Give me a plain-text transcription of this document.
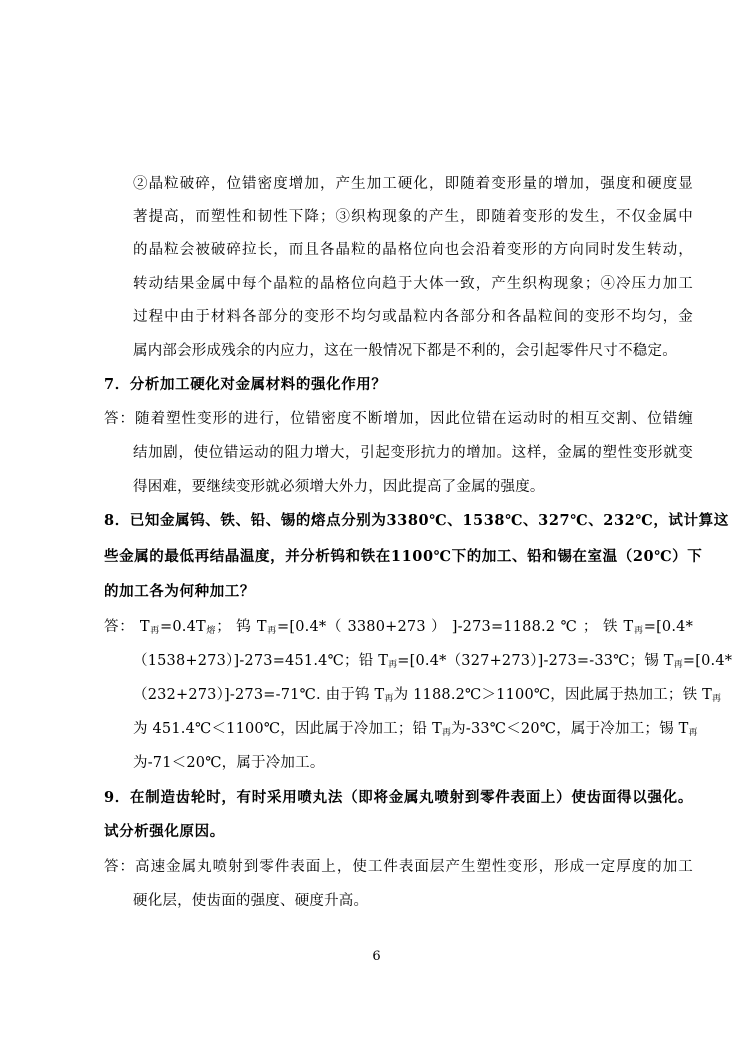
②晶粒破碎，位错密度增加，产生加工硬化，即随着变形量的增加，强度和硬度显
著提高，而塑性和韧性下降；③织构现象的产生，即随着变形的发生，不仅金属中
的晶粒会被破碎拉长，而且各晶粒的晶格位向也会沿着变形的方向同时发生转动，
转动结果金属中每个晶粒的晶格位向趋于大体一致，产生织构现象；④冷压力加工
过程中由于材料各部分的变形不均匀或晶粒内各部分和各晶粒间的变形不均匀，金
属内部会形成残余的内应力，这在一般情况下都是不利的，会引起零件尺寸不稳定。
7．分析加工硬化对金属材料的强化作用？
答：随着塑性变形的进行，位错密度不断增加，因此位错在运动时的相互交割、位错缠
结加剧，使位错运动的阻力增大，引起变形抗力的增加。这样，金属的塑性变形就变
得困难，要继续变形就必须增大外力，因此提高了金属的强度。
8．已知金属钨、铁、铅、锡的熔点分别为3380℃、1538℃、327℃、232℃，试计算这
些金属的最低再结晶温度，并分析钨和铁在1100℃下的加工、铅和锡在室温（20℃）下
的加工各为何种加工？
答： $T_再=0.4T_熔$； 钨 $T_再=[0.4*$（ 3380+273 ） ]-273=1188.2 ℃ ； 铁 $T_再=[0.4*$
（1538+273）]-273=451.4℃；铅 $T_再=[0.4*(327+273)]-273=-33℃$；锡 $T_再=[0.4*$
（232+273）]-273=-71℃. 由于钨 $T_再$为 1188.2℃＞1100℃，因此属于热加工；铁 $T_再$
为 451.4℃＜1100℃，因此属于冷加工；铅 $T_再$为-33℃＜20℃，属于冷加工；锡 $T_再$
为-71＜20℃，属于冷加工。
9．在制造齿轮时，有时采用喷丸法（即将金属丸喷射到零件表面上）使齿面得以强化。
试分析强化原因。
答：高速金属丸喷射到零件表面上，使工件表面层产生塑性变形，形成一定厚度的加工
硬化层，使齿面的强度、硬度升高。
6
